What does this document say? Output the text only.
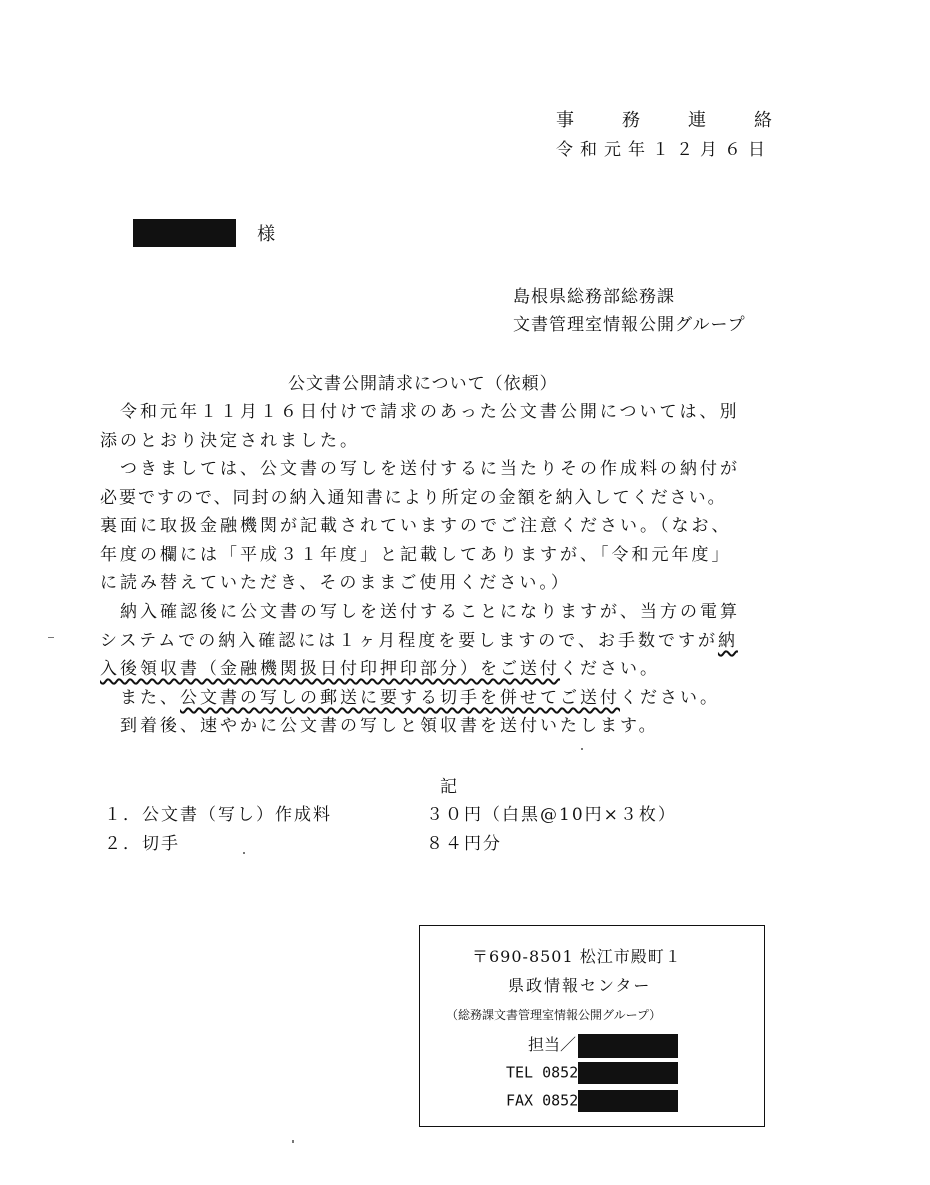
事　　務　　連　　絡
令和元年１２月６日
様
島根県総務部総務課
文書管理室情報公開グループ
公文書公開請求について（依頼）
　令和元年１１月１６日付けで請求のあった公文書公開については、別
添のとおり決定されました。
　つきましては、公文書の写しを送付するに当たりその作成料の納付が
必要ですので、同封の納入通知書により所定の金額を納入してください。
裏面に取扱金融機関が記載されていますのでご注意ください。（なお、
年度の欄には「平成３１年度」と記載してありますが、「令和元年度」
に読み替えていただき、そのままご使用ください。）
　納入確認後に公文書の写しを送付することになりますが、当方の電算
システムでの納入確認には１ヶ月程度を要しますので、お手数ですが納
入後領収書（金融機関扱日付印押印部分）をご送付ください。
　また、公文書の写しの郵送に要する切手を併せてご送付ください。
　到着後、速やかに公文書の写しと領収書を送付いたします。
記
１．公文書（写し）作成料	３０円（白黒@10円×３枚）
２．切手	８４円分
〒690-8501 松江市殿町１
県政情報センター
（総務課文書管理室情報公開グループ）
担当／
TEL 0852
FAX 0852
